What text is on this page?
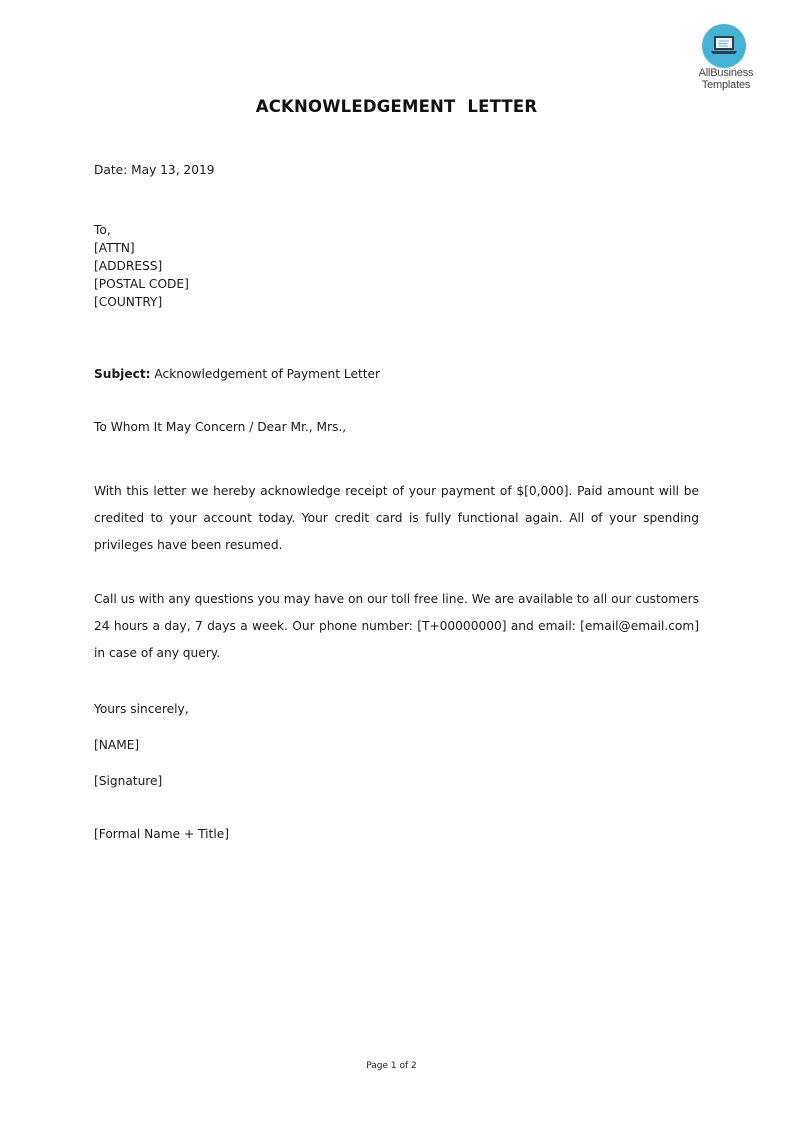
AllBusiness
Templates
ACKNOWLEDGEMENT  LETTER
Date: May 13, 2019
To,
[ATTN]
[ADDRESS]
[POSTAL CODE]
[COUNTRY]
Subject: Acknowledgement of Payment Letter
To Whom It May Concern / Dear Mr., Mrs.,
With this letter we hereby acknowledge receipt of your payment of $[0,000]. Paid amount will be credited to your account today. Your credit card is fully functional again. All of your spending privileges have been resumed.
Call us with any questions you may have on our toll free line. We are available to all our customers 24 hours a day, 7 days a week. Our phone number: [T+00000000] and email: [email@email.com] in case of any query.
Yours sincerely,
[NAME]
[Signature]
[Formal Name + Title]
Page 1 of 2
